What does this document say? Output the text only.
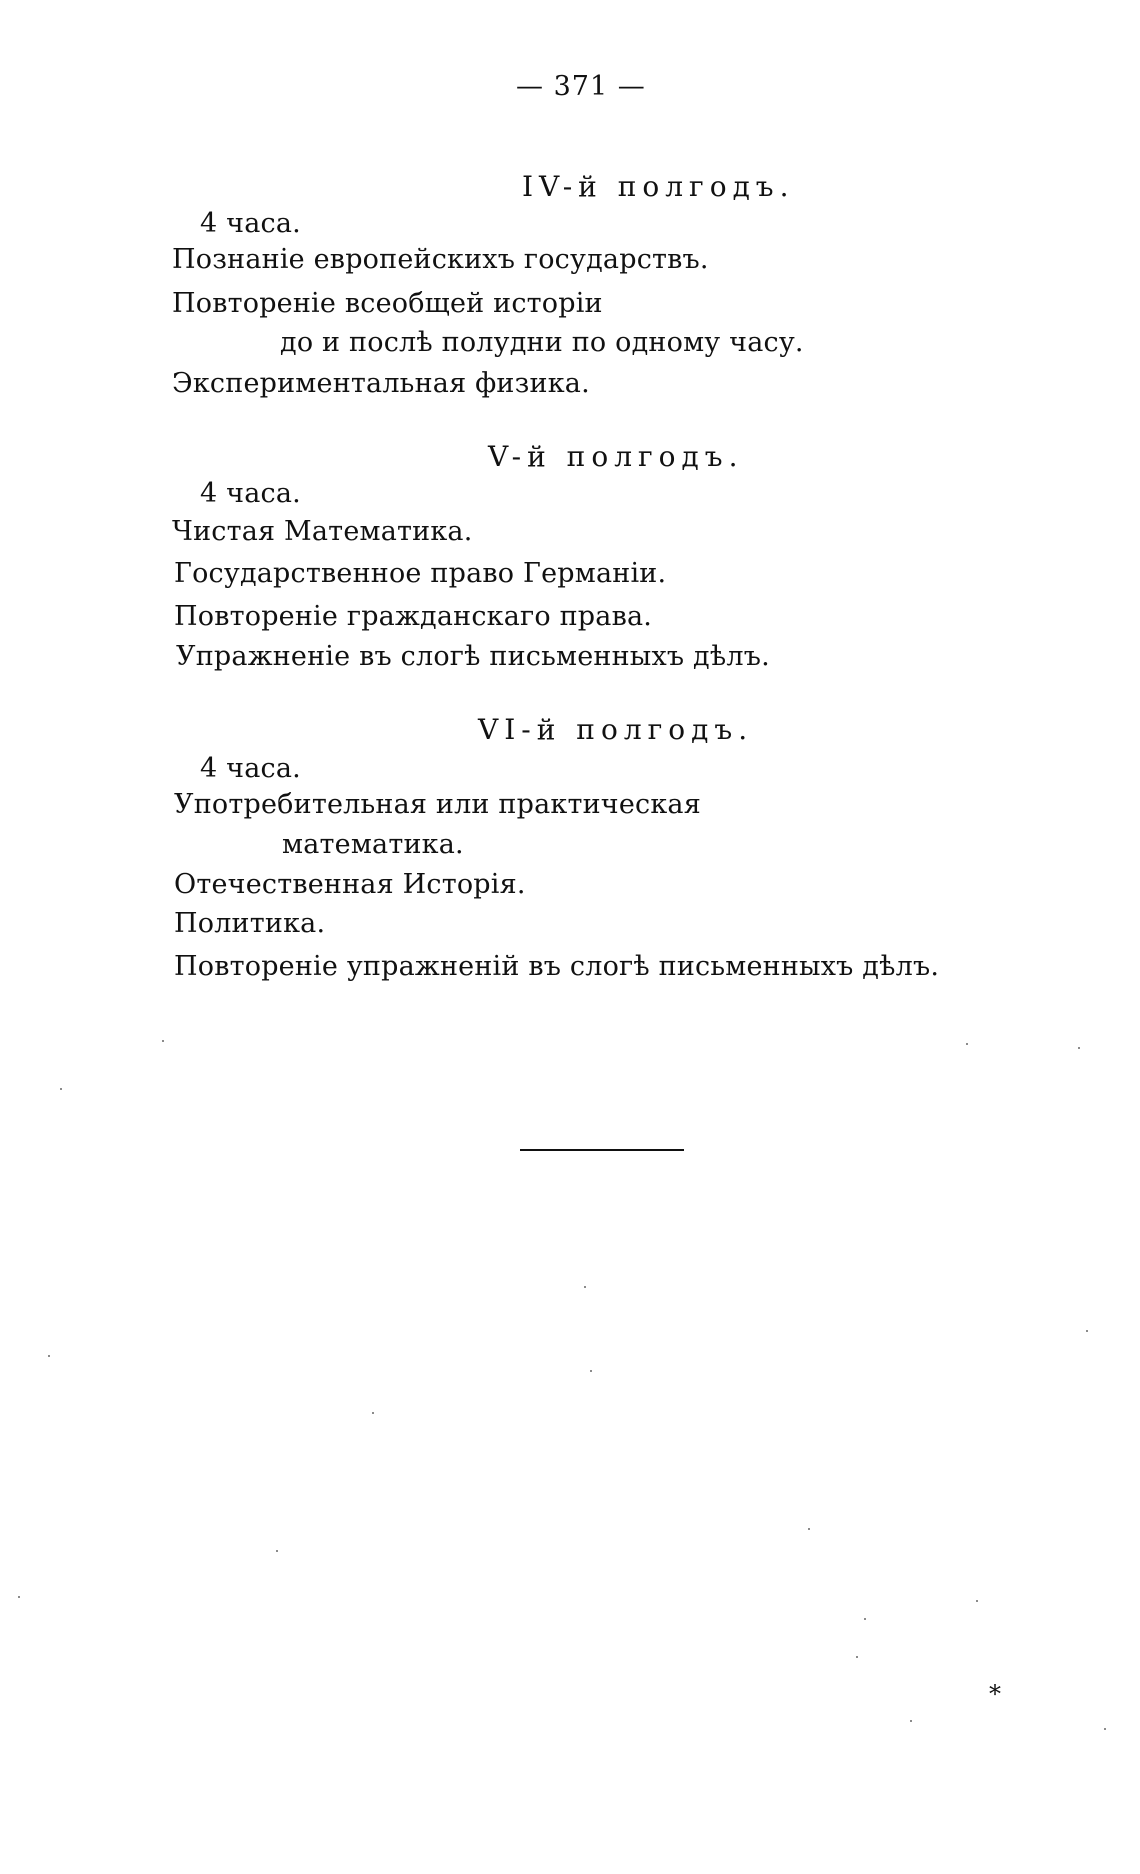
— 371 —
IV-й полгодъ.
4 часа.
Познаніе европейскихъ государствъ.
Повтореніе всеобщей исторіи
до и послѣ полудни по одному часу.
Экспериментальная физика.
V-й полгодъ.
4 часа.
Чистая Математика.
Государственное право Германіи.
Повтореніе гражданскаго права.
Упражненіе въ слогѣ письменныхъ дѣлъ.
VI-й полгодъ.
4 часа.
Употребительная или практическая
математика.
Отечественная Исторія.
Политика.
Повтореніе упражненій въ слогѣ письменныхъ дѣлъ.
*
